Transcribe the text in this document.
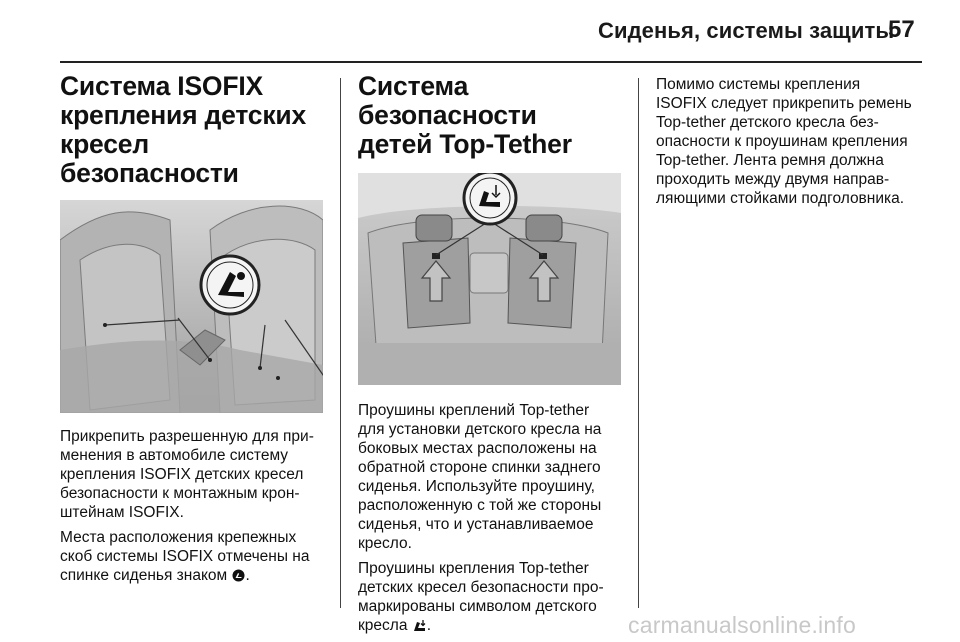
Сиденья, системы защиты
57
Система ISOFIX
крепления детских
кресел безопасности

Прикрепить разрешенную для при-
менения в автомобиле систему
крепления ISOFIX детских кресел
безопасности к монтажным крон-
штейнам ISOFIX.

Места расположения крепежных
скоб системы ISOFIX отмечены на
спинке сиденья знаком .

Система безопасности
детей Top-Tether

Проушины креплений Top-tether
для установки детского кресла на
боковых местах расположены на
обратной стороне спинки заднего
сиденья. Используйте проушину,
расположенную с той же стороны
сиденья, что и устанавливаемое
кресло.

Проушины крепления Top-tether
детских кресел безопасности про-
маркированы символом детского
кресла .

Помимо системы крепления
ISOFIX следует прикрепить ремень
Top-tether детского кресла без-
опасности к проушинам крепления
Top-tether. Лента ремня должна
проходить между двумя направ-
ляющими стойками подголовника.

carmanualsonline.info
